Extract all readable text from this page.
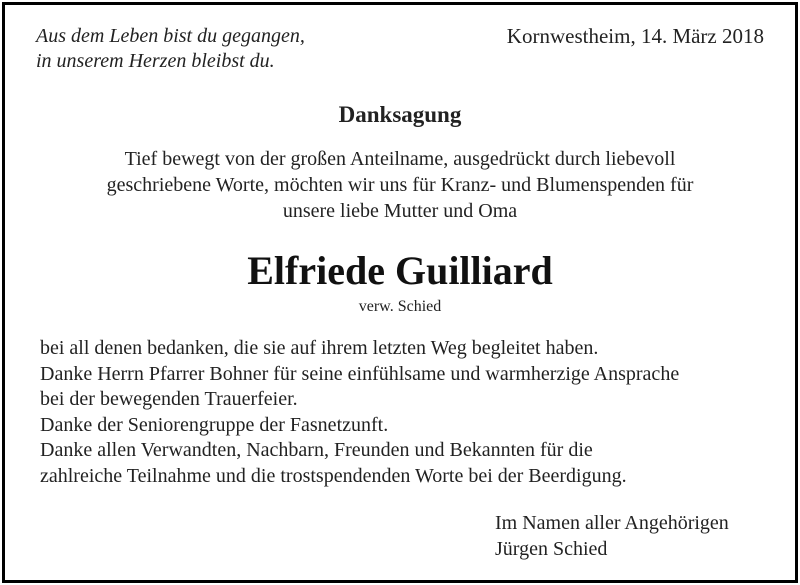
Aus dem Leben bist du gegangen,
in unserem Herzen bleibst du.
Kornwestheim, 14. März 2018
Danksagung
Tief bewegt von der großen Anteilname, ausgedrückt durch liebevoll
geschriebene Worte, möchten wir uns für Kranz- und Blumenspenden für
unsere liebe Mutter und Oma
Elfriede Guilliard
verw. Schied
bei all denen bedanken, die sie auf ihrem letzten Weg begleitet haben.
Danke Herrn Pfarrer Bohner für seine einfühlsame und warmherzige Ansprache
bei der bewegenden Trauerfeier.
Danke der Seniorengruppe der Fasnetzunft.
Danke allen Verwandten, Nachbarn, Freunden und Bekannten für die
zahlreiche Teilnahme und die trostspendenden Worte bei der Beerdigung.
Im Namen aller Angehörigen
Jürgen Schied
